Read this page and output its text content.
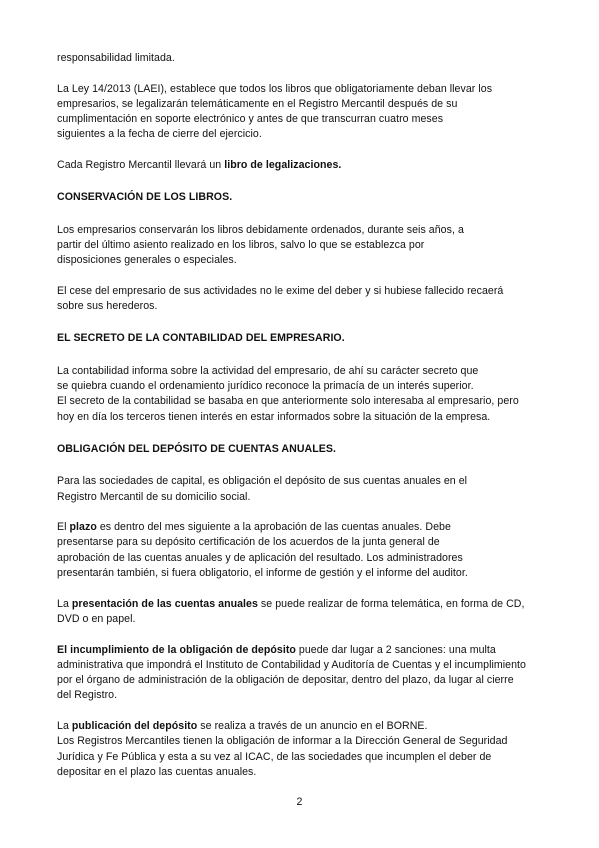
responsabilidad limitada.

La Ley 14/2013 (LAEI), establece que todos los libros que obligatoriamente deban llevar los
empresarios, se legalizarán telemáticamente en el Registro Mercantil después de su
cumplimentación en soporte electrónico y antes de que transcurran cuatro meses
siguientes a la fecha de cierre del ejercicio.

Cada Registro Mercantil llevará un libro de legalizaciones.

CONSERVACIÓN DE LOS LIBROS.

Los empresarios conservarán los libros debidamente ordenados, durante seis años, a
partir del último asiento realizado en los libros, salvo lo que se establezca por
disposiciones generales o especiales.

El cese del empresario de sus actividades no le exime del deber y si hubiese fallecido recaerá
sobre sus herederos.

EL SECRETO DE LA CONTABILIDAD DEL EMPRESARIO.

La contabilidad informa sobre la actividad del empresario, de ahí su carácter secreto que
se quiebra cuando el ordenamiento jurídico reconoce la primacía de un interés superior.
El secreto de la contabilidad se basaba en que anteriormente solo interesaba al empresario, pero
hoy en día los terceros tienen interés en estar informados sobre la situación de la empresa.

OBLIGACIÓN DEL DEPÓSITO DE CUENTAS ANUALES.

Para las sociedades de capital, es obligación el depósito de sus cuentas anuales en el
Registro Mercantil de su domicilio social.

El plazo es dentro del mes siguiente a la aprobación de las cuentas anuales. Debe
presentarse para su depósito certificación de los acuerdos de la junta general de
aprobación de las cuentas anuales y de aplicación del resultado. Los administradores
presentarán también, si fuera obligatorio, el informe de gestión y el informe del auditor.

La presentación de las cuentas anuales se puede realizar de forma telemática, en forma de CD,
DVD o en papel.

El incumplimiento de la obligación de depósito puede dar lugar a 2 sanciones: una multa
administrativa que impondrá el Instituto de Contabilidad y Auditoría de Cuentas y el incumplimiento
por el órgano de administración de la obligación de depositar, dentro del plazo, da lugar al cierre
del Registro.

La publicación del depósito se realiza a través de un anuncio en el BORNE.
Los Registros Mercantiles tienen la obligación de informar a la Dirección General de Seguridad
Jurídica y Fe Pública y esta a su vez al ICAC, de las sociedades que incumplen el deber de
depositar en el plazo las cuentas anuales.

2
